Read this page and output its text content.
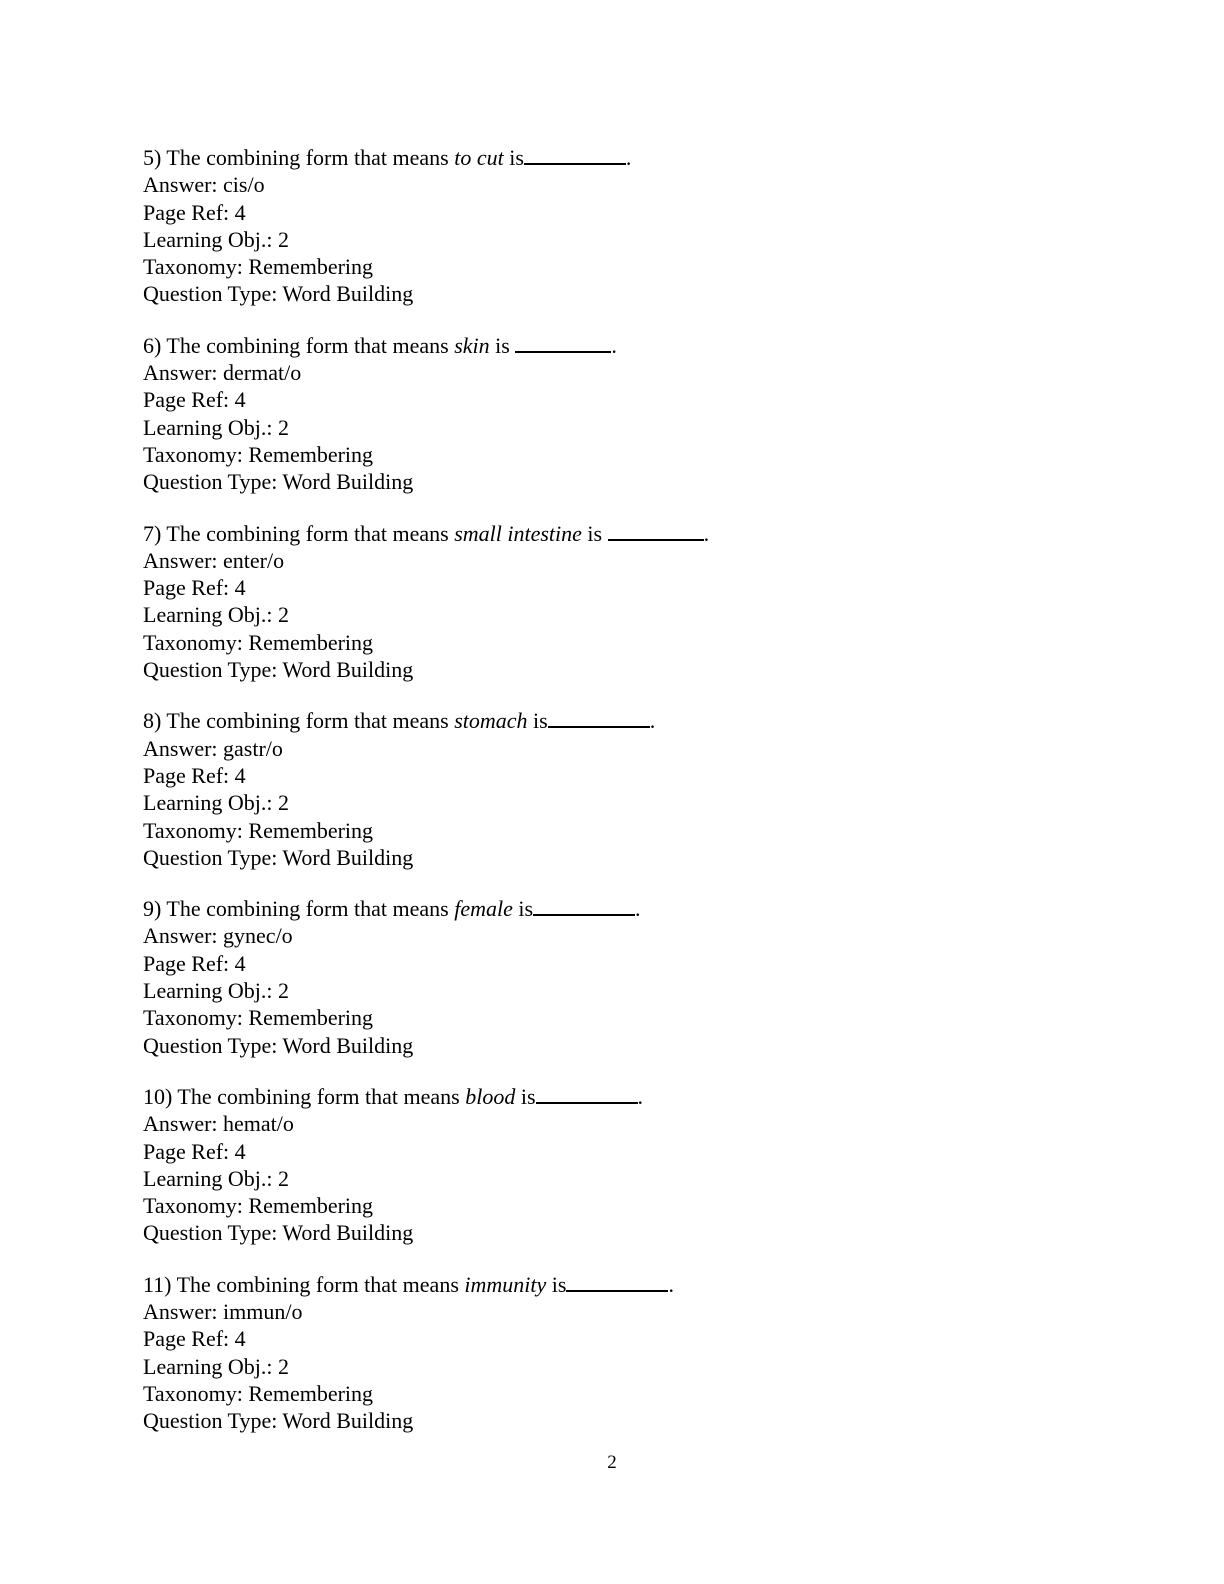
5) The combining form that means to cut is	.
Answer: cis/o
Page Ref: 4
Learning Obj.: 2
Taxonomy: Remembering
Question Type: Word Building
6) The combining form that means skin is	.
Answer: dermat/o
Page Ref: 4
Learning Obj.: 2
Taxonomy: Remembering
Question Type: Word Building
7) The combining form that means small intestine is	.
Answer: enter/o
Page Ref: 4
Learning Obj.: 2
Taxonomy: Remembering
Question Type: Word Building
8) The combining form that means stomach is	.
Answer: gastr/o
Page Ref: 4
Learning Obj.: 2
Taxonomy: Remembering
Question Type: Word Building
9) The combining form that means female is	.
Answer: gynec/o
Page Ref: 4
Learning Obj.: 2
Taxonomy: Remembering
Question Type: Word Building
10) The combining form that means blood is	.
Answer: hemat/o
Page Ref: 4
Learning Obj.: 2
Taxonomy: Remembering
Question Type: Word Building
11) The combining form that means immunity is	.
Answer: immun/o
Page Ref: 4
Learning Obj.: 2
Taxonomy: Remembering
Question Type: Word Building
2
